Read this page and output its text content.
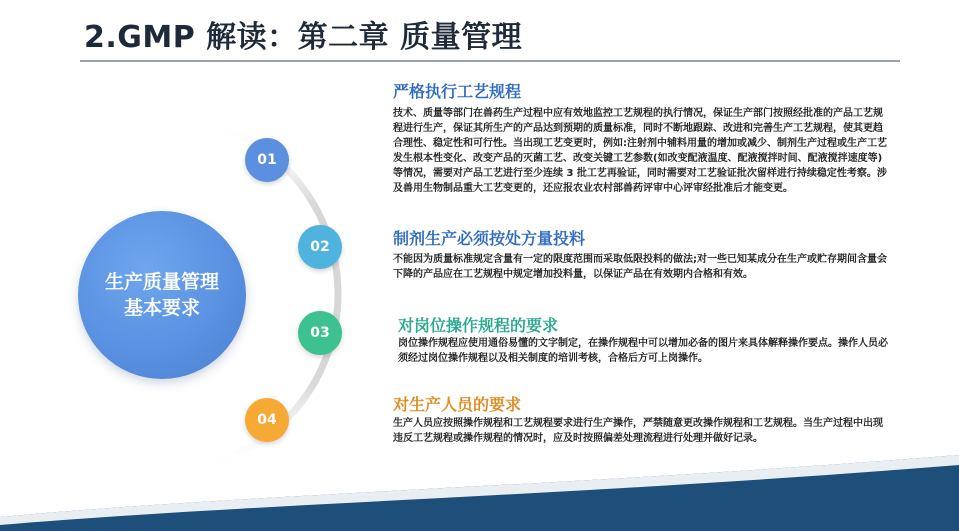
2.GMP 解读：第二章 质量管理
生产质量管理基本要求
01
02
03
04
严格执行工艺规程

技术、质量等部门在兽药生产过程中应有效地监控工艺规程的执行情况，保证生产部门按照经批准的产品工艺规程进行生产，保证其所生产的产品达到预期的质量标准，同时不断地跟踪、改进和完善生产工艺规程，使其更趋合理性、稳定性和可行性。当出现工艺变更时，例如:注射剂中辅料用量的增加或减少、制剂生产过程或生产工艺发生根本性变化、改变产品的灭菌工艺、改变关键工艺参数(如改变配液温度、配液搅拌时间、配液搅拌速度等)等情况，需要对产品工艺进行至少连续 3 批工艺再验证，同时需要对工艺验证批次留样进行持续稳定性考察。涉及兽用生物制品重大工艺变更的，还应报农业农村部兽药评审中心评审经批准后才能变更。

制剂生产必须按处方量投料

不能因为质量标准规定含量有一定的限度范围而采取低限投料的做法;对一些已知某成分在生产或贮存期间含量会下降的产品应在工艺规程中规定增加投料量，以保证产品在有效期内合格和有效。

对岗位操作规程的要求

岗位操作规程应使用通俗易懂的文字制定，在操作规程中可以增加必备的图片来具体解释操作要点。操作人员必须经过岗位操作规程以及相关制度的培训考核，合格后方可上岗操作。

对生产人员的要求

生产人员应按照操作规程和工艺规程要求进行生产操作，严禁随意更改操作规程和工艺规程。当生产过程中出现违反工艺规程或操作规程的情况时，应及时按照偏差处理流程进行处理并做好记录。
